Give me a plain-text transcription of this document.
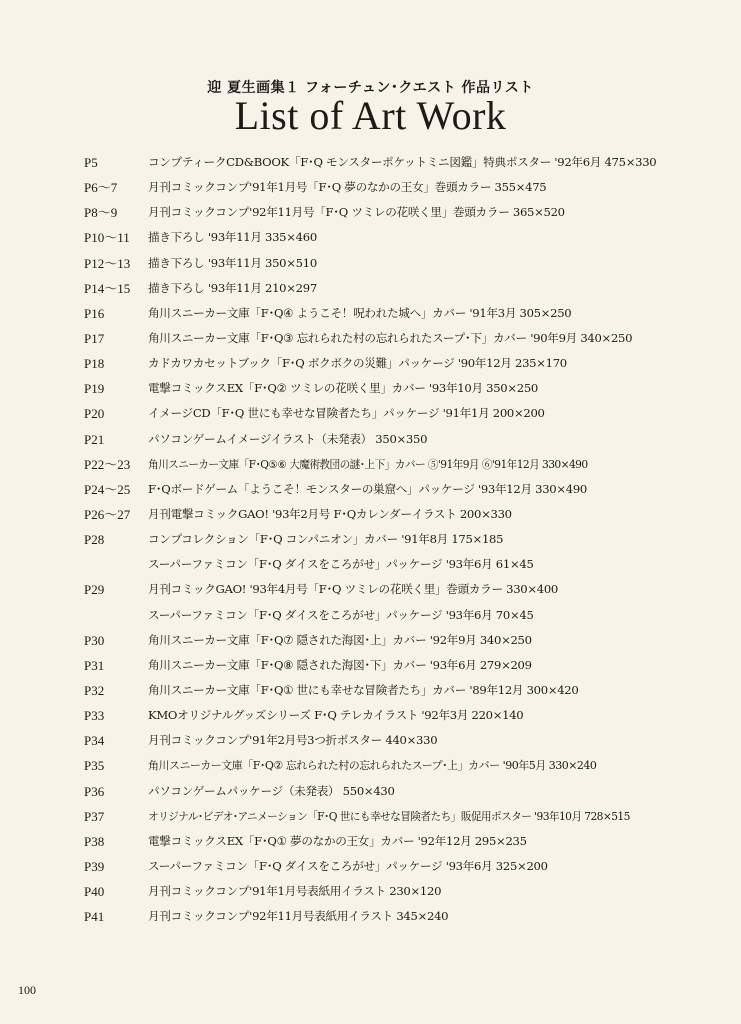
迎 夏生画集１ フォーチュン･クエスト 作品リスト
List of Art Work
P5	コンプティークCD&BOOK「F･Q モンスターポケットミニ図鑑」特典ポスター '92年6月 475×330
P6〜7	月刊コミックコンプ'91年1月号「F･Q 夢のなかの王女」巻頭カラー 355×475
P8〜9	月刊コミックコンプ'92年11月号「F･Q ツミレの花咲く里」巻頭カラー 365×520
P10〜11	描き下ろし '93年11月 335×460
P12〜13	描き下ろし '93年11月 350×510
P14〜15	描き下ろし '93年11月 210×297
P16	角川スニーカー文庫「F･Q④ ようこそ！呪われた城へ」カバー '91年3月 305×250
P17	角川スニーカー文庫「F･Q③ 忘れられた村の忘れられたスープ･下」カバー '90年9月 340×250
P18	カドカワカセットブック「F･Q ボクボクの災難」パッケージ '90年12月 235×170
P19	電撃コミックスEX「F･Q② ツミレの花咲く里」カバー '93年10月 350×250
P20	イメージCD「F･Q 世にも幸せな冒険者たち」パッケージ '91年1月 200×200
P21	パソコンゲームイメージイラスト（未発表） 350×350
P22〜23	角川スニーカー文庫「F･Q⑤⑥ 大魔術教団の謎･上下」カバー ⑤'91年9月 ⑥'91年12月 330×490
P24〜25	F･Qボードゲーム「ようこそ！モンスターの巣窟へ」パッケージ '93年12月 330×490
P26〜27	月刊電撃コミックGAO! '93年2月号 F･Qカレンダーイラスト 200×330
P28	コンプコレクション「F･Q コンパニオン」カバー '91年8月 175×185
スーパーファミコン「F･Q ダイスをころがせ」パッケージ '93年6月 61×45
P29	月刊コミックGAO! '93年4月号「F･Q ツミレの花咲く里」巻頭カラー 330×400
スーパーファミコン「F･Q ダイスをころがせ」パッケージ '93年6月 70×45
P30	角川スニーカー文庫「F･Q⑦ 隠された海図･上」カバー '92年9月 340×250
P31	角川スニーカー文庫「F･Q⑧ 隠された海図･下」カバー '93年6月 279×209
P32	角川スニーカー文庫「F･Q① 世にも幸せな冒険者たち」カバー '89年12月 300×420
P33	KMOオリジナルグッズシリーズ F･Q テレカイラスト '92年3月 220×140
P34	月刊コミックコンプ'91年2月号3つ折ポスター 440×330
P35	角川スニーカー文庫「F･Q② 忘れられた村の忘れられたスープ･上」カバー '90年5月 330×240
P36	パソコンゲームパッケージ（未発表） 550×430
P37	オリジナル･ビデオ･アニメーション「F･Q 世にも幸せな冒険者たち」販促用ポスター '93年10月 728×515
P38	電撃コミックスEX「F･Q① 夢のなかの王女」カバー '92年12月 295×235
P39	スーパーファミコン「F･Q ダイスをころがせ」パッケージ '93年6月 325×200
P40	月刊コミックコンプ'91年1月号表紙用イラスト 230×120
P41	月刊コミックコンプ'92年11月号表紙用イラスト 345×240
100
